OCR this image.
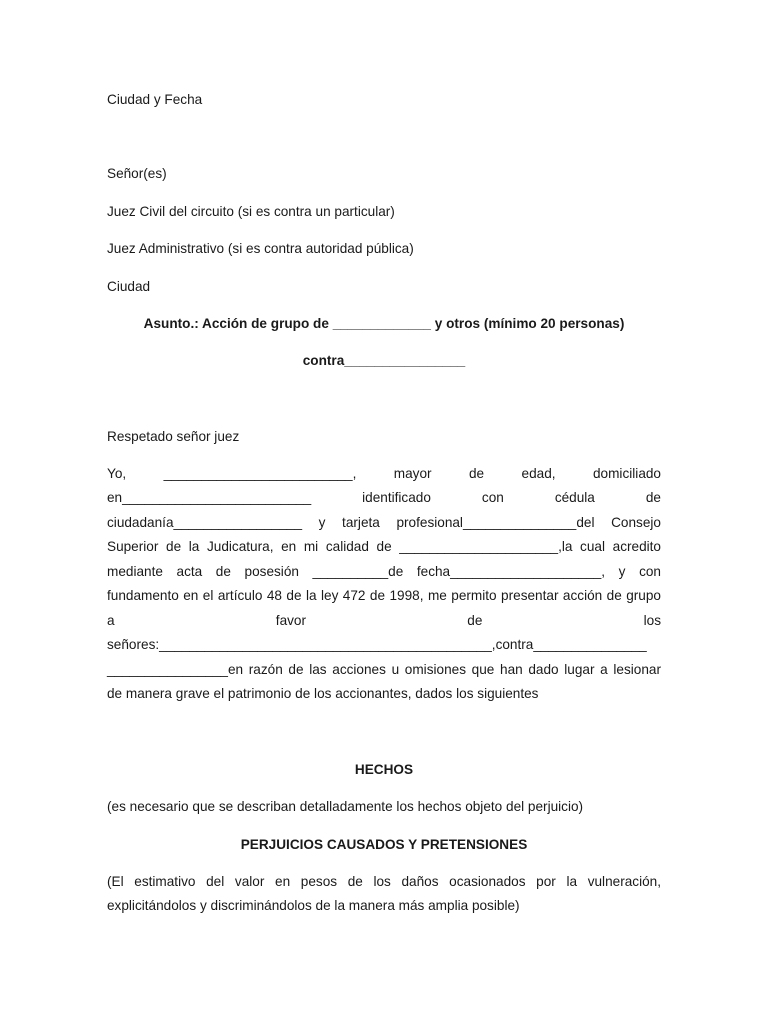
Ciudad y Fecha
Señor(es)
Juez Civil del circuito (si es contra un particular)
Juez Administrativo (si es contra autoridad pública)
Ciudad
Asunto.: Acción de grupo de _____________ y otros (mínimo 20 personas)
contra________________
Respetado señor juez
Yo, _________________________, mayor de edad, domiciliado
en_________________________ identificado con cédula de
ciudadanía_________________ y tarjeta profesional_______________del Consejo
Superior de la Judicatura, en mi calidad de _____________________,la cual acredito
mediante acta de posesión __________de fecha____________________, y con
fundamento en el artículo 48 de la ley 472 de 1998, me permito presentar acción de grupo
a favor de los
señores:____________________________________________,contra_______________
________________en razón de las acciones u omisiones que han dado lugar a lesionar
de manera grave el patrimonio de los accionantes, dados los siguientes
HECHOS
(es necesario que se describan detalladamente los hechos objeto del perjuicio)
PERJUICIOS CAUSADOS Y PRETENSIONES
(El estimativo del valor en pesos de los daños ocasionados por la vulneración,
explicitándolos y discriminándolos de la manera más amplia posible)
